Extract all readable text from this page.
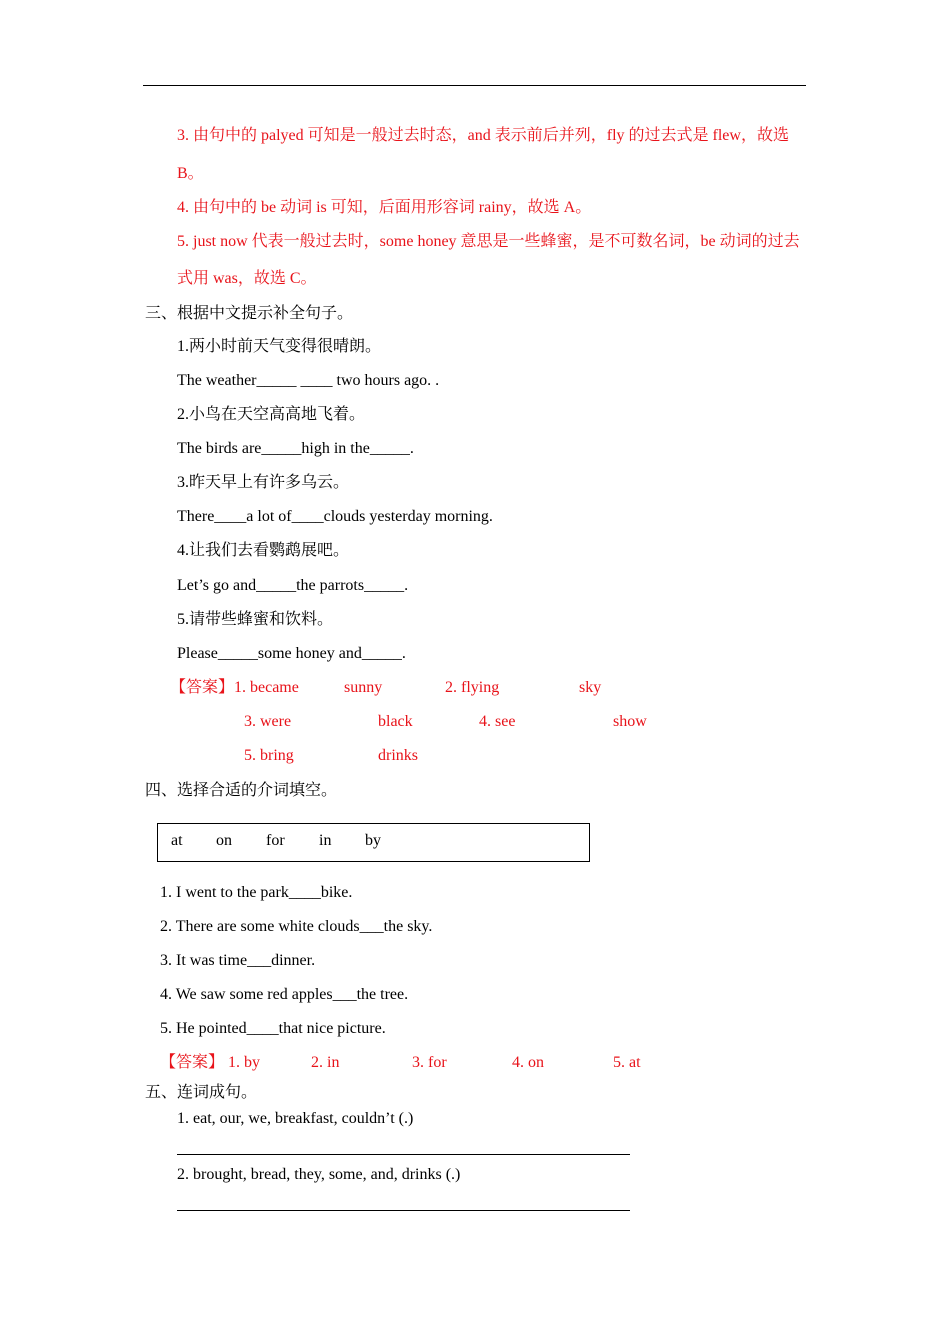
3. 由句中的 palyed 可知是一般过去时态，and 表示前后并列，fly 的过去式是 flew，故选
B。
4. 由句中的 be 动词 is 可知，后面用形容词 rainy，故选 A。
5. just now 代表一般过去时，some honey 意思是一些蜂蜜，是不可数名词，be 动词的过去
式用 was，故选 C。
三、根据中文提示补全句子。
1.两小时前天气变得很晴朗。
The weather_____ ____ two hours ago. .
2.小鸟在天空高高地飞着。
The birds are_____high in the_____.
3.昨天早上有许多乌云。
There____a lot of____clouds yesterday morning.
4.让我们去看鹦鹉展吧。
Let’s go and_____the parrots_____.
5.请带些蜂蜜和饮料。
Please_____some honey and_____.
【答案】 1. became	sunny	2. flying	sky
3. were	black	4. see	show
5. bring	drinks
四、选择合适的介词填空。
at on for in by
1. I went to the park____bike.
2. There are some white clouds___the sky.
3. It was time___dinner.
4. We saw some red apples___the tree.
5. He pointed____that nice picture.
【答案】 1. by	2. in	3. for	4. on	5. at
五、连词成句。
1. eat, our, we, breakfast, couldn’t (.)
2. brought, bread, they, some, and, drinks (.)
